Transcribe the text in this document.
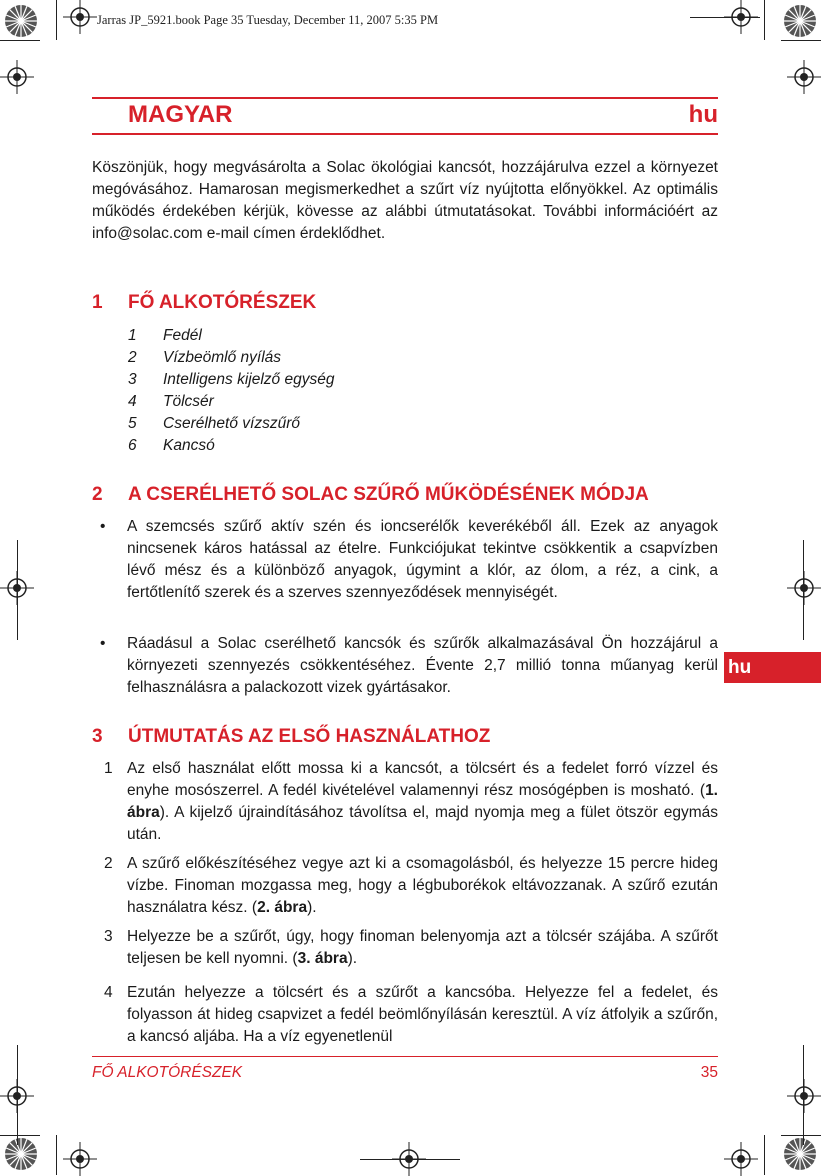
Jarras JP_5921.book Page 35 Tuesday, December 11, 2007 5:35 PM
MAGYAR	hu
Köszönjük, hogy megvásárolta a Solac ökológiai kancsót, hozzájárulva ezzel a környezet megóvásához. Hamarosan megismerkedhet a szűrt víz nyújtotta előnyökkel. Az optimális működés érdekében kérjük, kövesse az alábbi útmutatásokat. További információért az info@solac.com e-mail címen érdeklődhet.
1 FŐ ALKOTÓRÉSZEK
1 Fedél
2 Vízbeömlő nyílás
3 Intelligens kijelző egység
4 Tölcsér
5 Cserélhető vízszűrő
6 Kancsó
2 A CSERÉLHETŐ SOLAC SZŰRŐ MŰKÖDÉSÉNEK MÓDJA
• A szemcsés szűrő aktív szén és ioncserélők keverékéből áll. Ezek az anyagok nincsenek káros hatással az ételre. Funkciójukat tekintve csökkentik a csapvízben lévő mész és a különböző anyagok, úgymint a klór, az ólom, a réz, a cink, a fertőtlenítő szerek és a szerves szennyeződések mennyiségét.
• Ráadásul a Solac cserélhető kancsók és szűrők alkalmazásával Ön hozzájárul a környezeti szennyezés csökkentéséhez. Évente 2,7 millió tonna műanyag kerül felhasználásra a palackozott vizek gyártásakor.
hu
3 ÚTMUTATÁS AZ ELSŐ HASZNÁLATHOZ
1 Az első használat előtt mossa ki a kancsót, a tölcsért és a fedelet forró vízzel és enyhe mosószerrel. A fedél kivételével valamennyi rész mosógépben is mosható. (1. ábra). A kijelző újraindításához távolítsa el, majd nyomja meg a fület ötször egymás után.
2 A szűrő előkészítéséhez vegye azt ki a csomagolásból, és helyezze 15 percre hideg vízbe. Finoman mozgassa meg, hogy a légbuborékok eltávozzanak. A szűrő ezután használatra kész. (2. ábra).
3 Helyezze be a szűrőt, úgy, hogy finoman belenyomja azt a tölcsér szájába. A szűrőt teljesen be kell nyomni. (3. ábra).
4 Ezután helyezze a tölcsért és a szűrőt a kancsóba. Helyezze fel a fedelet, és folyasson át hideg csapvizet a fedél beömlőnyílásán keresztül. A víz átfolyik a szűrőn, a kancsó aljába. Ha a víz egyenetlenül
FŐ ALKOTÓRÉSZEK	35
